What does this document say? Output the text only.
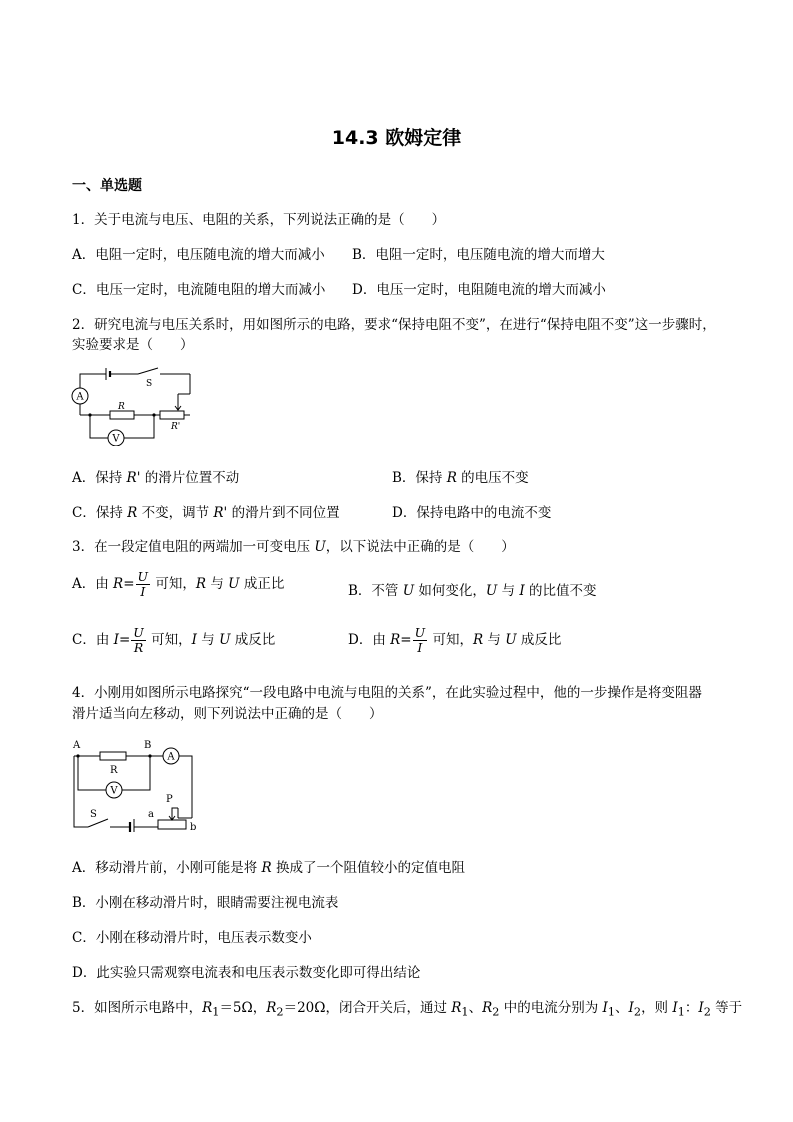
14.3 欧姆定律
一、单选题
1．关于电流与电压、电阻的关系，下列说法正确的是（　　）
A．电阻一定时，电压随电流的增大而减小 B．电阻一定时，电压随电流的增大而增大
C．电压一定时，电流随电阻的增大而减小 D．电压一定时，电阻随电流的增大而减小
2．研究电流与电压关系时，用如图所示的电路，要求“保持电阻不变”，在进行“保持电阻不变”这一步骤时，
实验要求是（　　）
A
S
R
R'
V
A．保持 R' 的滑片位置不动	B．保持 R 的电压不变
C．保持 R 不变，调节 R' 的滑片到不同位置	D．保持电路中的电流不变
3．在一段定值电阻的两端加一可变电压 U，以下说法中正确的是（　　）
A．由 $R= \frac{U}{I}$ 可知，R 与 U 成正比	B．不管 U 如何变化，U 与 I 的比值不变
C．由 $I= \frac{U}{R}$ 可知，I 与 U 成反比	D．由 $R= \frac{U}{I}$ 可知，R 与 U 成反比
4．小刚用如图所示电路探究“一段电路中电流与电阻的关系”，在此实验过程中，他的一步操作是将变阻器
滑片适当向左移动，则下列说法中正确的是（　　）
A	B
R
A
V
S	a
P
b
A．移动滑片前，小刚可能是将 R 换成了一个阻值较小的定值电阻
B．小刚在移动滑片时，眼睛需要注视电流表
C．小刚在移动滑片时，电压表示数变小
D．此实验只需观察电流表和电压表示数变化即可得出结论
5．如图所示电路中，$R_1=5\Omega$，$R_2=20\Omega$，闭合开关后，通过 $R_1$、$R_2$ 中的电流分别为 $I_1$、$I_2$，则 $I_1$：$I_2$ 等于
